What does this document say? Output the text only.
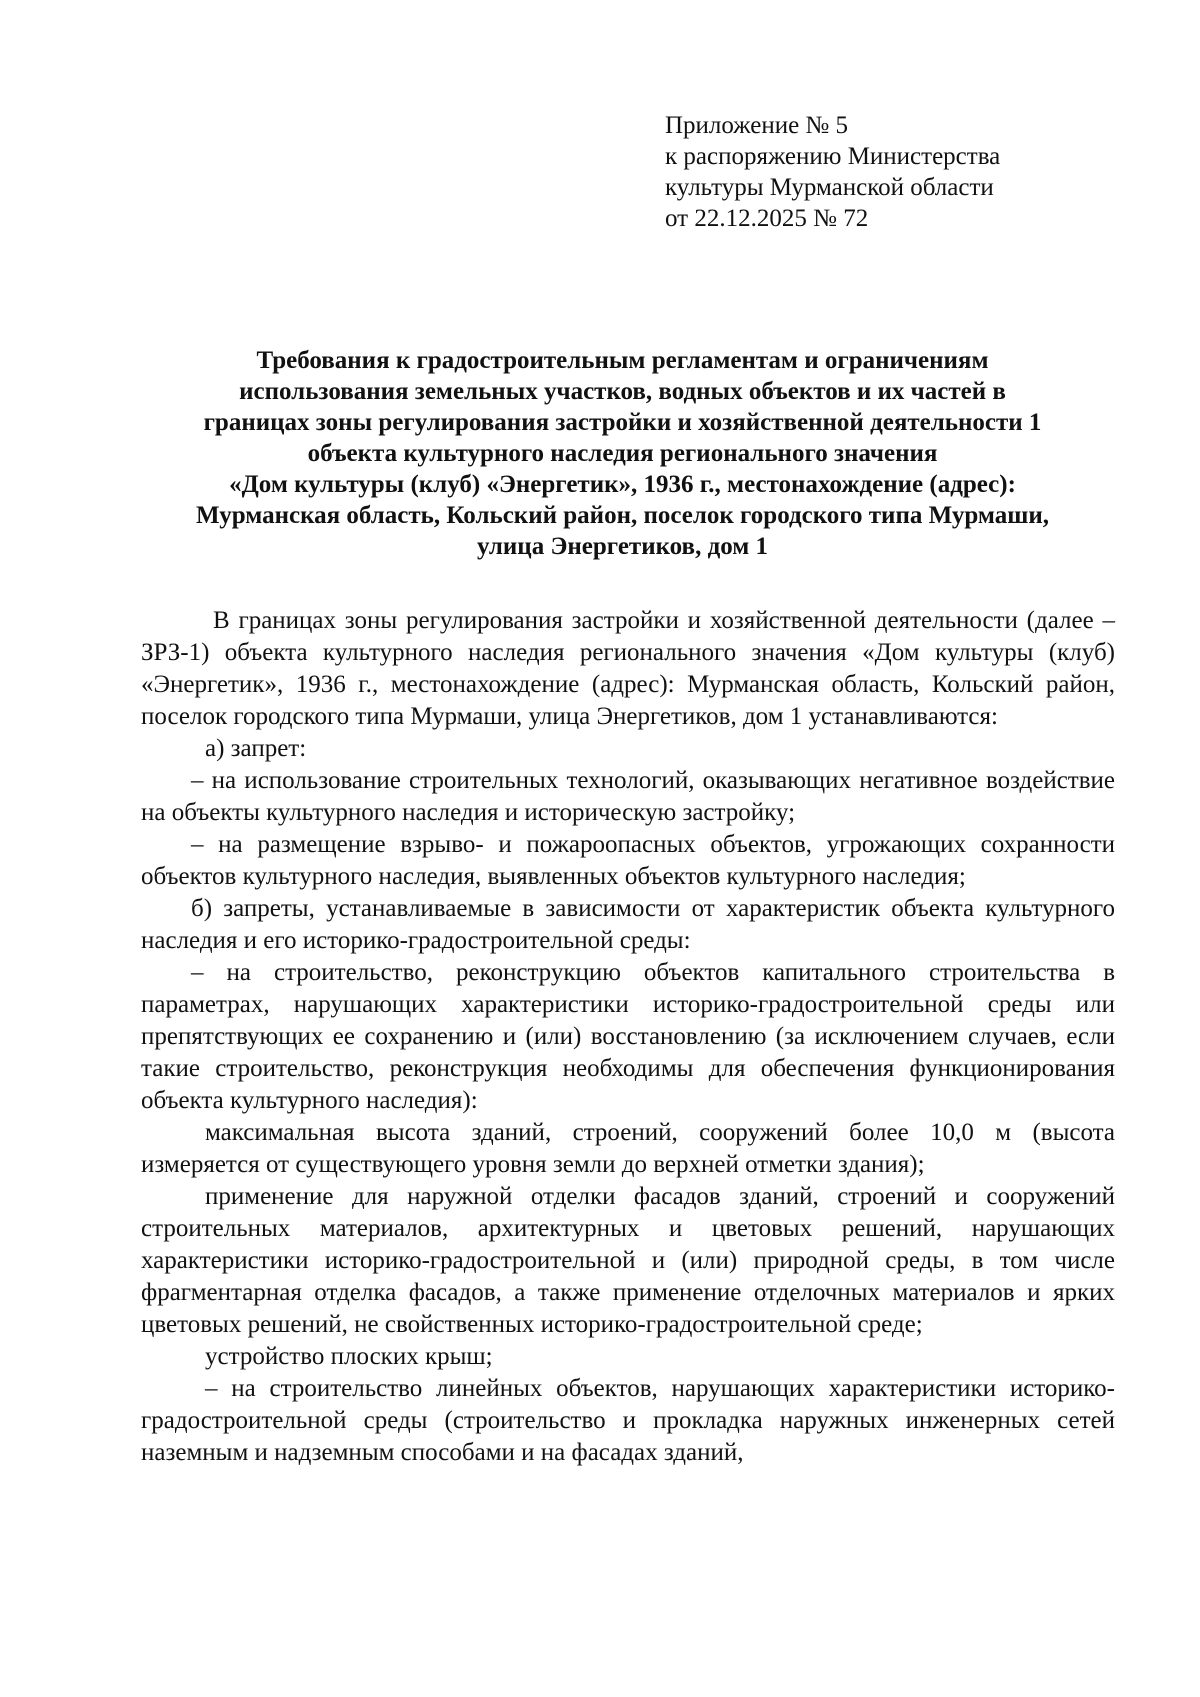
Приложение № 5
к распоряжению Министерства
культуры Мурманской области
от 22.12.2025 № 72
Требования к градостроительным регламентам и ограничениям
использования земельных участков, водных объектов и их частей в
границах зоны регулирования застройки и хозяйственной деятельности 1
объекта культурного наследия регионального значения
«Дом культуры (клуб) «Энергетик», 1936 г., местонахождение (адрес):
Мурманская область, Кольский район, поселок городского типа Мурмаши,
улица Энергетиков, дом 1

В границах зоны регулирования застройки и хозяйственной деятельности (далее – ЗРЗ-1) объекта культурного наследия регионального значения «Дом культуры (клуб) «Энергетик», 1936 г., местонахождение (адрес): Мурманская область, Кольский район, поселок городского типа Мурмаши, улица Энергетиков, дом 1 устанавливаются:

а) запрет:

– на использование строительных технологий, оказывающих негативное воздействие на объекты культурного наследия и историческую застройку;

– на размещение взрыво- и пожароопасных объектов, угрожающих сохранности объектов культурного наследия, выявленных объектов культурного наследия;

б) запреты, устанавливаемые в зависимости от характеристик объекта культурного наследия и его историко-градостроительной среды:

– на строительство, реконструкцию объектов капитального строительства в параметрах, нарушающих характеристики историко-градостроительной среды или препятствующих ее сохранению и (или) восстановлению (за исключением случаев, если такие строительство, реконструкция необходимы для обеспечения функционирования объекта культурного наследия):

максимальная высота зданий, строений, сооружений более 10,0 м (высота измеряется от существующего уровня земли до верхней отметки здания);

применение для наружной отделки фасадов зданий, строений и сооружений строительных материалов, архитектурных и цветовых решений, нарушающих характеристики историко-градостроительной и (или) природной среды, в том числе фрагментарная отделка фасадов, а также применение отделочных материалов и ярких цветовых решений, не свойственных историко-градостроительной среде;

устройство плоских крыш;

– на строительство линейных объектов, нарушающих характеристики историко-градостроительной среды (строительство и прокладка наружных инженерных сетей наземным и надземным способами и на фасадах зданий,
